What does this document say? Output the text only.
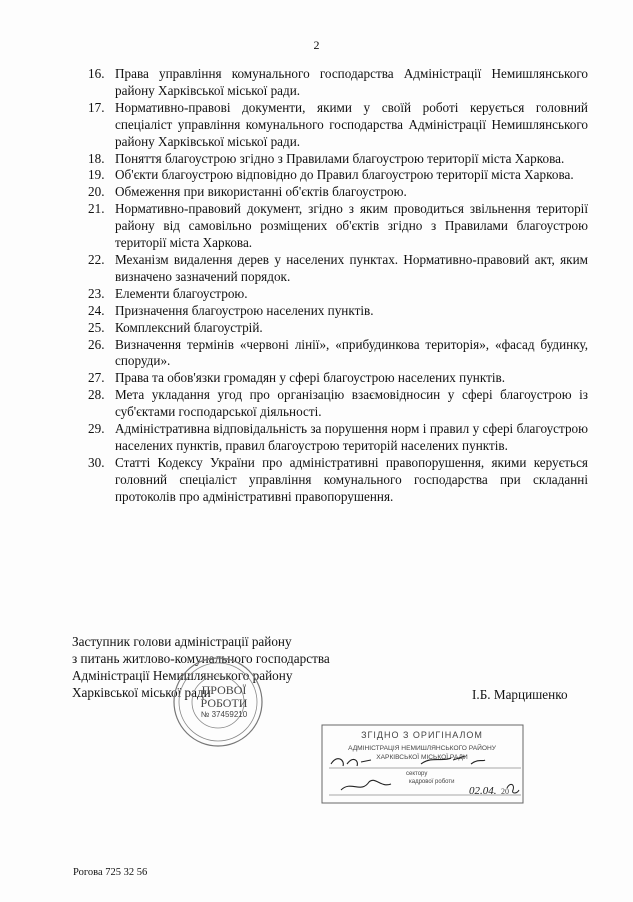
2
16. Права управління комунального господарства Адміністрації Немишлянського району Харківської міської ради.
17. Нормативно-правові документи, якими у своїй роботі керується головний спеціаліст управління комунального господарства Адміністрації Немишлянського району Харківської міської ради.
18. Поняття благоустрою згідно з Правилами благоустрою території міста Харкова.
19. Об'єкти благоустрою відповідно до Правил благоустрою території міста Харкова.
20. Обмеження при використанні об'єктів благоустрою.
21. Нормативно-правовий документ, згідно з яким проводиться звільнення території району від самовільно розміщених об'єктів згідно з Правилами благоустрою території міста Харкова.
22. Механізм видалення дерев у населених пунктах. Нормативно-правовий акт, яким визначено зазначений порядок.
23. Елементи благоустрою.
24. Призначення благоустрою населених пунктів.
25. Комплексний благоустрій.
26. Визначення термінів «червоні лінії», «прибудинкова територія», «фасад будинку, споруди».
27. Права та обов'язки громадян у сфері благоустрою населених пунктів.
28. Мета укладання угод про організацію взаємовідносин у сфері благоустрою із суб'єктами господарської діяльності.
29. Адміністративна відповідальність за порушення норм і правил у сфері благоустрою населених пунктів, правил благоустрою територій населених пунктів.
30. Статті Кодексу України про адміністративні правопорушення, якими керується головний спеціаліст управління комунального господарства при складанні протоколів про адміністративні правопорушення.
Заступник голови адміністрації району
з питань житлово-комунального господарства
Адміністрації Немишлянського району
Харківської міської ради
ПРОВОЇ
РОБОТИ
№ 37459210
І.Б. Марцишенко
ЗГІДНО З ОРИГІНАЛОМ
АДМІНІСТРАЦІЯ НЕМИШЛЯНСЬКОГО РАЙОНУ
ХАРКІВСЬКОЇ МІСЬКОЇ РАДИ
сектору
кадрової роботи
02.04. 20
Рогова 725 32 56
